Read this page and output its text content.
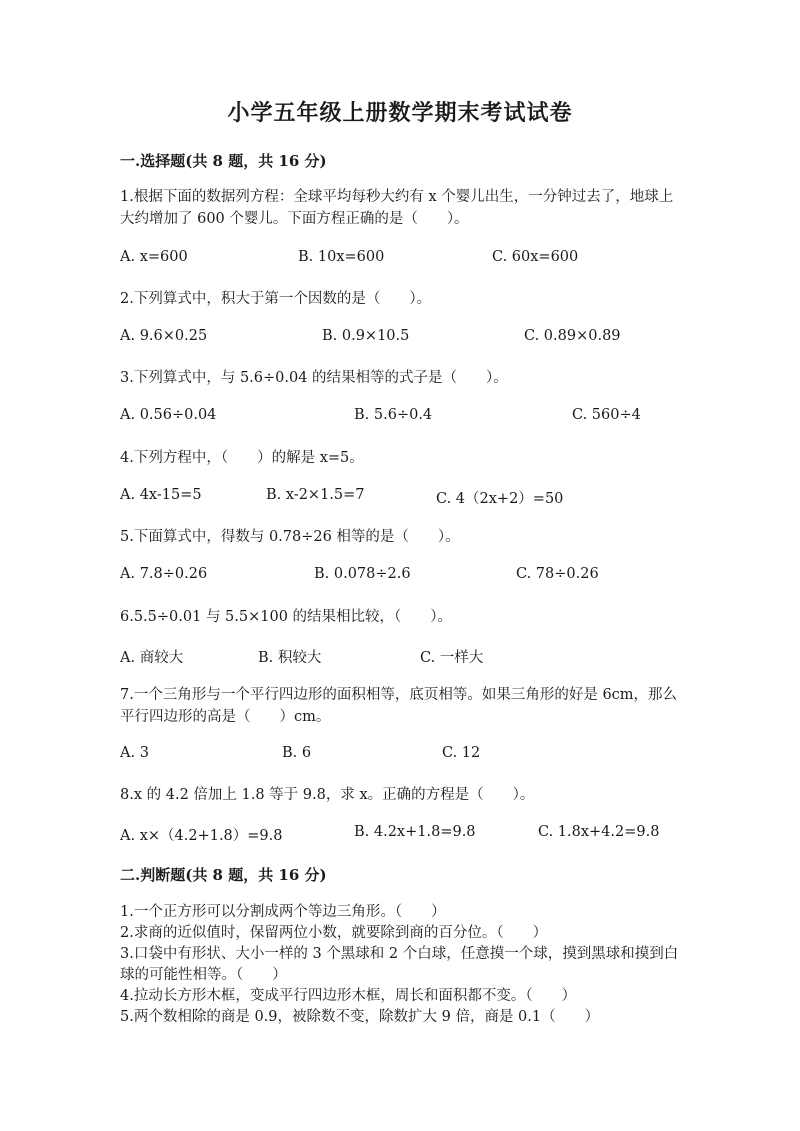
小学五年级上册数学期末考试试卷
一.选择题(共 8 题，共 16 分)
1.根据下面的数据列方程：全球平均每秒大约有 x 个婴儿出生，一分钟过去了，地球上大约增加了 600 个婴儿。下面方程正确的是（　　）。
A. x=600	B. 10x=600	C. 60x=600
2.下列算式中，积大于第一个因数的是（　　）。
A. 9.6×0.25	B. 0.9×10.5	C. 0.89×0.89
3.下列算式中，与 5.6÷0.04 的结果相等的式子是（　　）。
A. 0.56÷0.04	B. 5.6÷0.4	C. 560÷4
4.下列方程中，（　　）的解是 x=5。
A. 4x-15=5	B. x-2×1.5=7	C. 4（2x+2）=50
5.下面算式中，得数与 0.78÷26 相等的是（　　）。
A. 7.8÷0.26	B. 0.078÷2.6	C. 78÷0.26
6.5.5÷0.01 与 5.5×100 的结果相比较，（　　）。
A. 商较大	B. 积较大	C. 一样大
7.一个三角形与一个平行四边形的面积相等，底页相等。如果三角形的好是 6cm，那么平行四边形的高是（　　）cm。
A. 3	B. 6	C. 12
8.x 的 4.2 倍加上 1.8 等于 9.8，求 x。正确的方程是（　　）。
A. x×（4.2+1.8）=9.8	B. 4.2x+1.8=9.8	C. 1.8x+4.2=9.8
二.判断题(共 8 题，共 16 分)
1.一个正方形可以分割成两个等边三角形。（　　）
2.求商的近似值时，保留两位小数，就要除到商的百分位。（　　）
3.口袋中有形状、大小一样的 3 个黑球和 2 个白球，任意摸一个球，摸到黑球和摸到白球的可能性相等。（　　）
4.拉动长方形木框，变成平行四边形木框，周长和面积都不变。（　　）
5.两个数相除的商是 0.9，被除数不变，除数扩大 9 倍，商是 0.1（　　）
